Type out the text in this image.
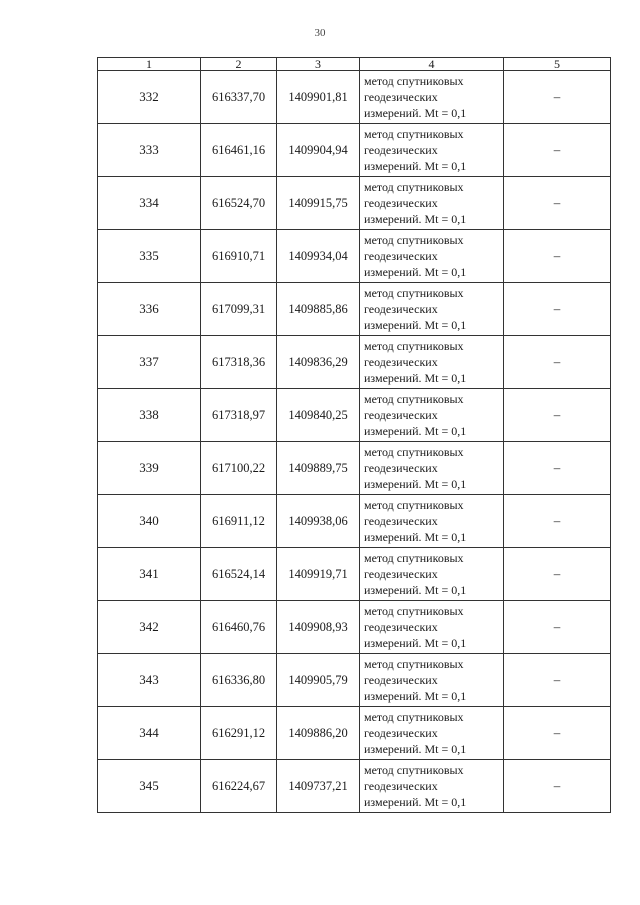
30
1	2	3	4	5
332	616337,70	1409901,81	метод спутниковых
геодезических
измерений. Mt = 0,1	–
333	616461,16	1409904,94	метод спутниковых
геодезических
измерений. Mt = 0,1	–
334	616524,70	1409915,75	метод спутниковых
геодезических
измерений. Mt = 0,1	–
335	616910,71	1409934,04	метод спутниковых
геодезических
измерений. Mt = 0,1	–
336	617099,31	1409885,86	метод спутниковых
геодезических
измерений. Mt = 0,1	–
337	617318,36	1409836,29	метод спутниковых
геодезических
измерений. Mt = 0,1	–
338	617318,97	1409840,25	метод спутниковых
геодезических
измерений. Mt = 0,1	–
339	617100,22	1409889,75	метод спутниковых
геодезических
измерений. Mt = 0,1	–
340	616911,12	1409938,06	метод спутниковых
геодезических
измерений. Mt = 0,1	–
341	616524,14	1409919,71	метод спутниковых
геодезических
измерений. Mt = 0,1	–
342	616460,76	1409908,93	метод спутниковых
геодезических
измерений. Mt = 0,1	–
343	616336,80	1409905,79	метод спутниковых
геодезических
измерений. Mt = 0,1	–
344	616291,12	1409886,20	метод спутниковых
геодезических
измерений. Mt = 0,1	–
345	616224,67	1409737,21	метод спутниковых
геодезических
измерений. Mt = 0,1	–
